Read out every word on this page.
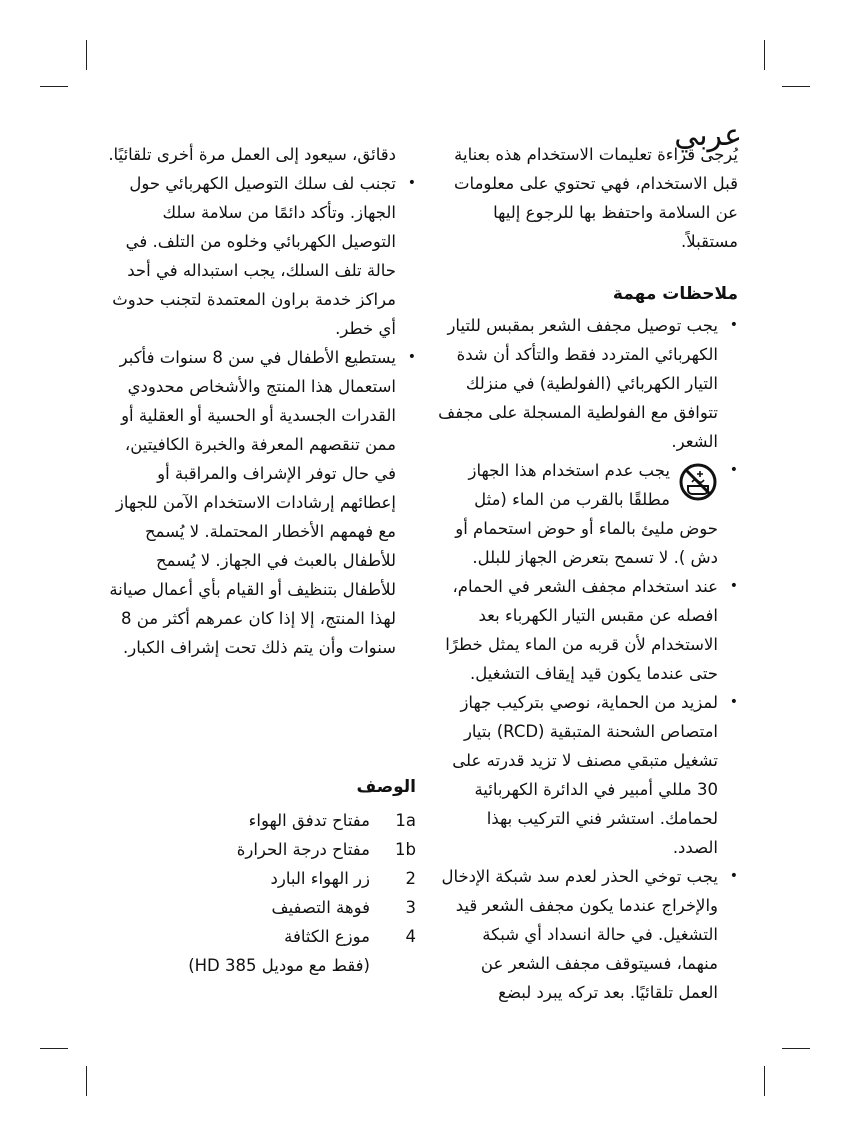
عربي

يُرجى قراءة تعليمات الاستخدام هذه بعناية قبل الاستخدام، فهي تحتوي على معلومات عن السلامة واحتفظ بها للرجوع إليها مستقبلاً.

ملاحظات مهمة
• يجب توصيل مجفف الشعر بمقبس للتيار الكهربائي المتردد فقط والتأكد أن شدة التيار الكهربائي (الفولطية) في منزلك تتوافق مع الفولطية المسجلة على مجفف الشعر.
• يجب عدم استخدام هذا الجهاز مطلقًا بالقرب من الماء (مثل حوض مليئ بالماء أو حوض استحمام أو دش ). لا تسمح بتعرض الجهاز للبلل.
• عند استخدام مجفف الشعر في الحمام، افصله عن مقبس التيار الكهرباء بعد الاستخدام لأن قربه من الماء يمثل خطرًا حتى عندما يكون قيد إيقاف التشغيل.
• لمزيد من الحماية، نوصي بتركيب جهاز امتصاص الشحنة المتبقية (RCD) بتيار تشغيل متبقي مصنف لا تزيد قدرته على 30 مللي أمبير في الدائرة الكهربائية لحمامك. استشر فني التركيب بهذا الصدد.
• يجب توخي الحذر لعدم سد شبكة الإدخال والإخراج عندما يكون مجفف الشعر قيد التشغيل. في حالة انسداد أي شبكة منهما، فسيتوقف مجفف الشعر عن العمل تلقائيًا. بعد تركه يبرد لبضع
دقائق، سيعود إلى العمل مرة أخرى تلقائيًا.
• تجنب لف سلك التوصيل الكهربائي حول الجهاز. وتأكد دائمًا من سلامة سلك التوصيل الكهربائي وخلوه من التلف. في حالة تلف السلك، يجب استبداله في أحد مراكز خدمة براون المعتمدة لتجنب حدوث أي خطر.
• يستطيع الأطفال في سن 8 سنوات فأكبر استعمال هذا المنتج والأشخاص محدودي القدرات الجسدية أو الحسية أو العقلية أو ممن تنقصهم المعرفة والخبرة الكافيتين، في حال توفر الإشراف والمراقبة أو إعطائهم إرشادات الاستخدام الآمن للجهاز مع فهمهم الأخطار المحتملة. لا يُسمح للأطفال بالعبث في الجهاز. لا يُسمح للأطفال بتنظيف أو القيام بأي أعمال صيانة لهذا المنتج، إلا إذا كان عمرهم أكثر من 8 سنوات وأن يتم ذلك تحت إشراف الكبار.
الوصف
1a
مفتاح تدفق الهواء
1b
مفتاح درجة الحرارة
2
زر الهواء البارد
3
فوهة التصفيف
4
موزع الكثافة
(فقط مع موديل HD 385)
